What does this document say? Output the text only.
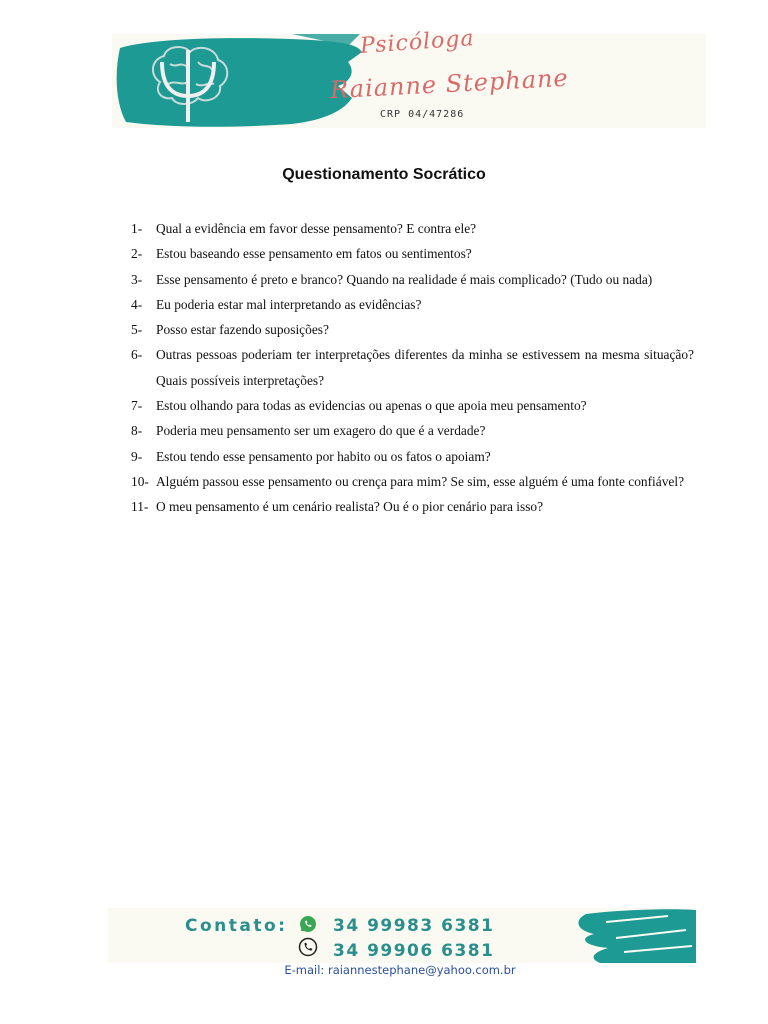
Psicóloga
Raianne Stephane
CRP 04/47286
Questionamento Socrático
1- Qual a evidência em favor desse pensamento? E contra ele?
2- Estou baseando esse pensamento em fatos ou sentimentos?
3- Esse pensamento é preto e branco? Quando na realidade é mais complicado? (Tudo ou nada)
4- Eu poderia estar mal interpretando as evidências?
5- Posso estar fazendo suposições?
6- Outras pessoas poderiam ter interpretações diferentes da minha se estivessem na mesma situação? Quais possíveis interpretações?
7- Estou olhando para todas as evidencias ou apenas o que apoia meu pensamento?
8- Poderia meu pensamento ser um exagero do que é a verdade?
9- Estou tendo esse pensamento por habito ou os fatos o apoiam?
10- Alguém passou esse pensamento ou crença para mim? Se sim, esse alguém é uma fonte confiável?
11- O meu pensamento é um cenário realista? Ou é o pior cenário para isso?
Contato:	34 99983 6381
34 99906 6381
E-mail: raiannestephane@yahoo.com.br
